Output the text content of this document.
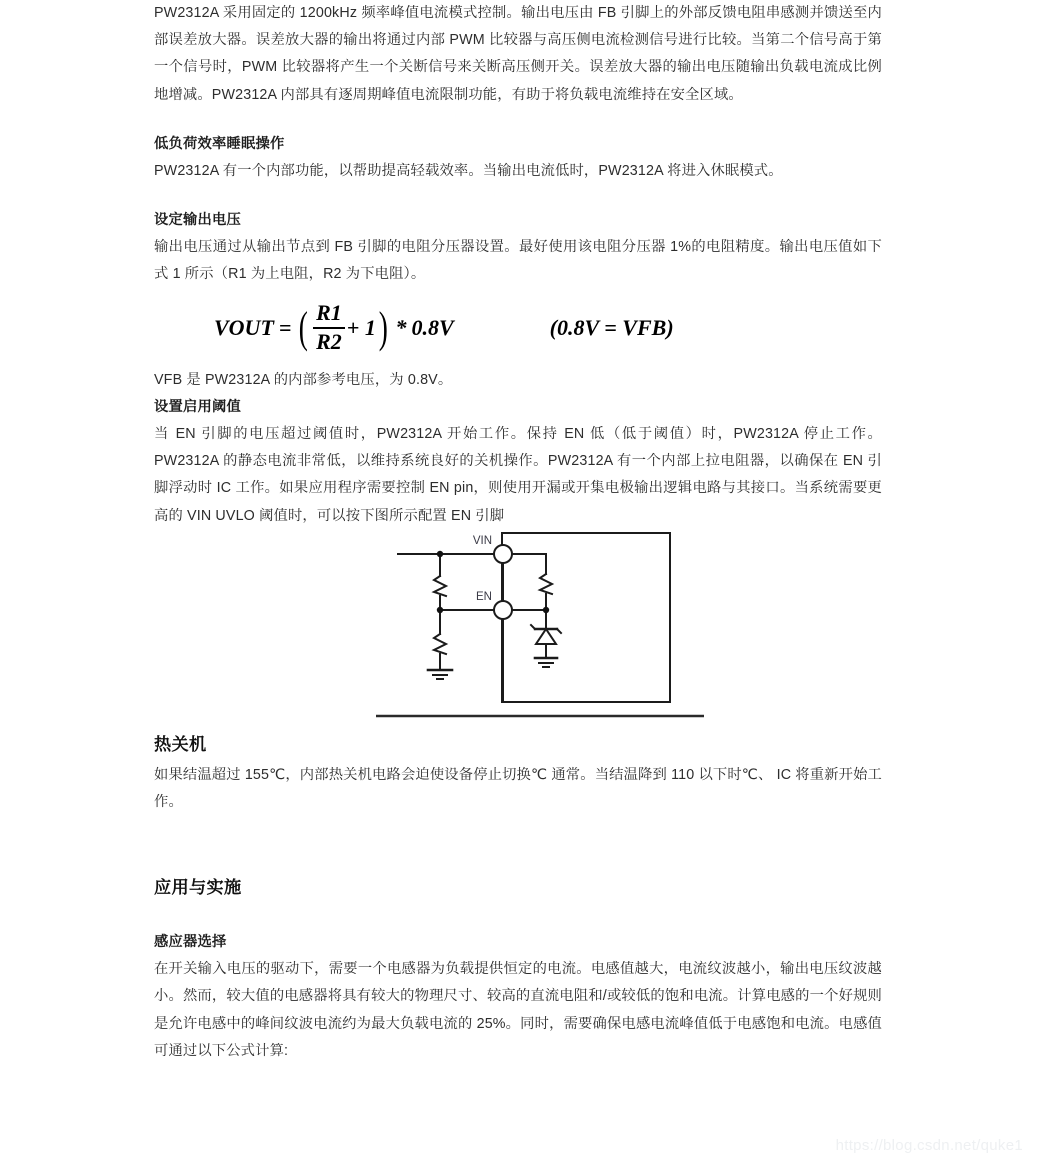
PW2312A 采用固定的 1200kHz 频率峰值电流模式控制。输出电压由 FB 引脚上的外部反馈电阻串感测并馈送至内部误差放大器。误差放大器的输出将通过内部 PWM 比较器与高压侧电流检测信号进行比较。当第二个信号高于第一个信号时，PWM 比较器将产生一个关断信号来关断高压侧开关。误差放大器的输出电压随输出负载电流成比例地增减。PW2312A 内部具有逐周期峰值电流限制功能，有助于将负载电流维持在安全区域。

低负荷效率睡眠操作

PW2312A 有一个内部功能，以帮助提高轻载效率。当输出电流低时，PW2312A 将进入休眠模式。

设定输出电压

输出电压通过从输出节点到 FB 引脚的电阻分压器设置。最好使用该电阻分压器 1%的电阻精度。输出电压值如下式 1 所示（R1 为上电阻，R2 为下电阻）。

VOUT = ( $\frac{R1}{R2} + 1$ ) * 0.8V	(0.8V = VFB)

VFB 是 PW2312A 的内部参考电压，为 0.8V。

设置启用阈值

当 EN 引脚的电压超过阈值时，PW2312A 开始工作。保持 EN 低（低于阈值）时，PW2312A 停止工作。PW2312A 的静态电流非常低，以维持系统良好的关机操作。PW2312A 有一个内部上拉电阻器，以确保在 EN 引脚浮动时 IC 工作。如果应用程序需要控制 EN pin，则使用开漏或开集电极输出逻辑电路与其接口。当系统需要更高的 VIN UVLO 阈值时，可以按下图所示配置 EN 引脚

VIN
EN
热关机

如果结温超过 155℃，内部热关机电路会迫使设备停止切换℃ 通常。当结温降到 110 以下时℃、 IC 将重新开始工作。

应用与实施
感应器选择

在开关输入电压的驱动下，需要一个电感器为负载提供恒定的电流。电感值越大，电流纹波越小，输出电压纹波越小。然而，较大值的电感器将具有较大的物理尺寸、较高的直流电阻和/或较低的饱和电流。计算电感的一个好规则是允许电感中的峰间纹波电流约为最大负载电流的 25%。同时，需要确保电感电流峰值低于电感饱和电流。电感值可通过以下公式计算:

https://blog.csdn.net/quke1
